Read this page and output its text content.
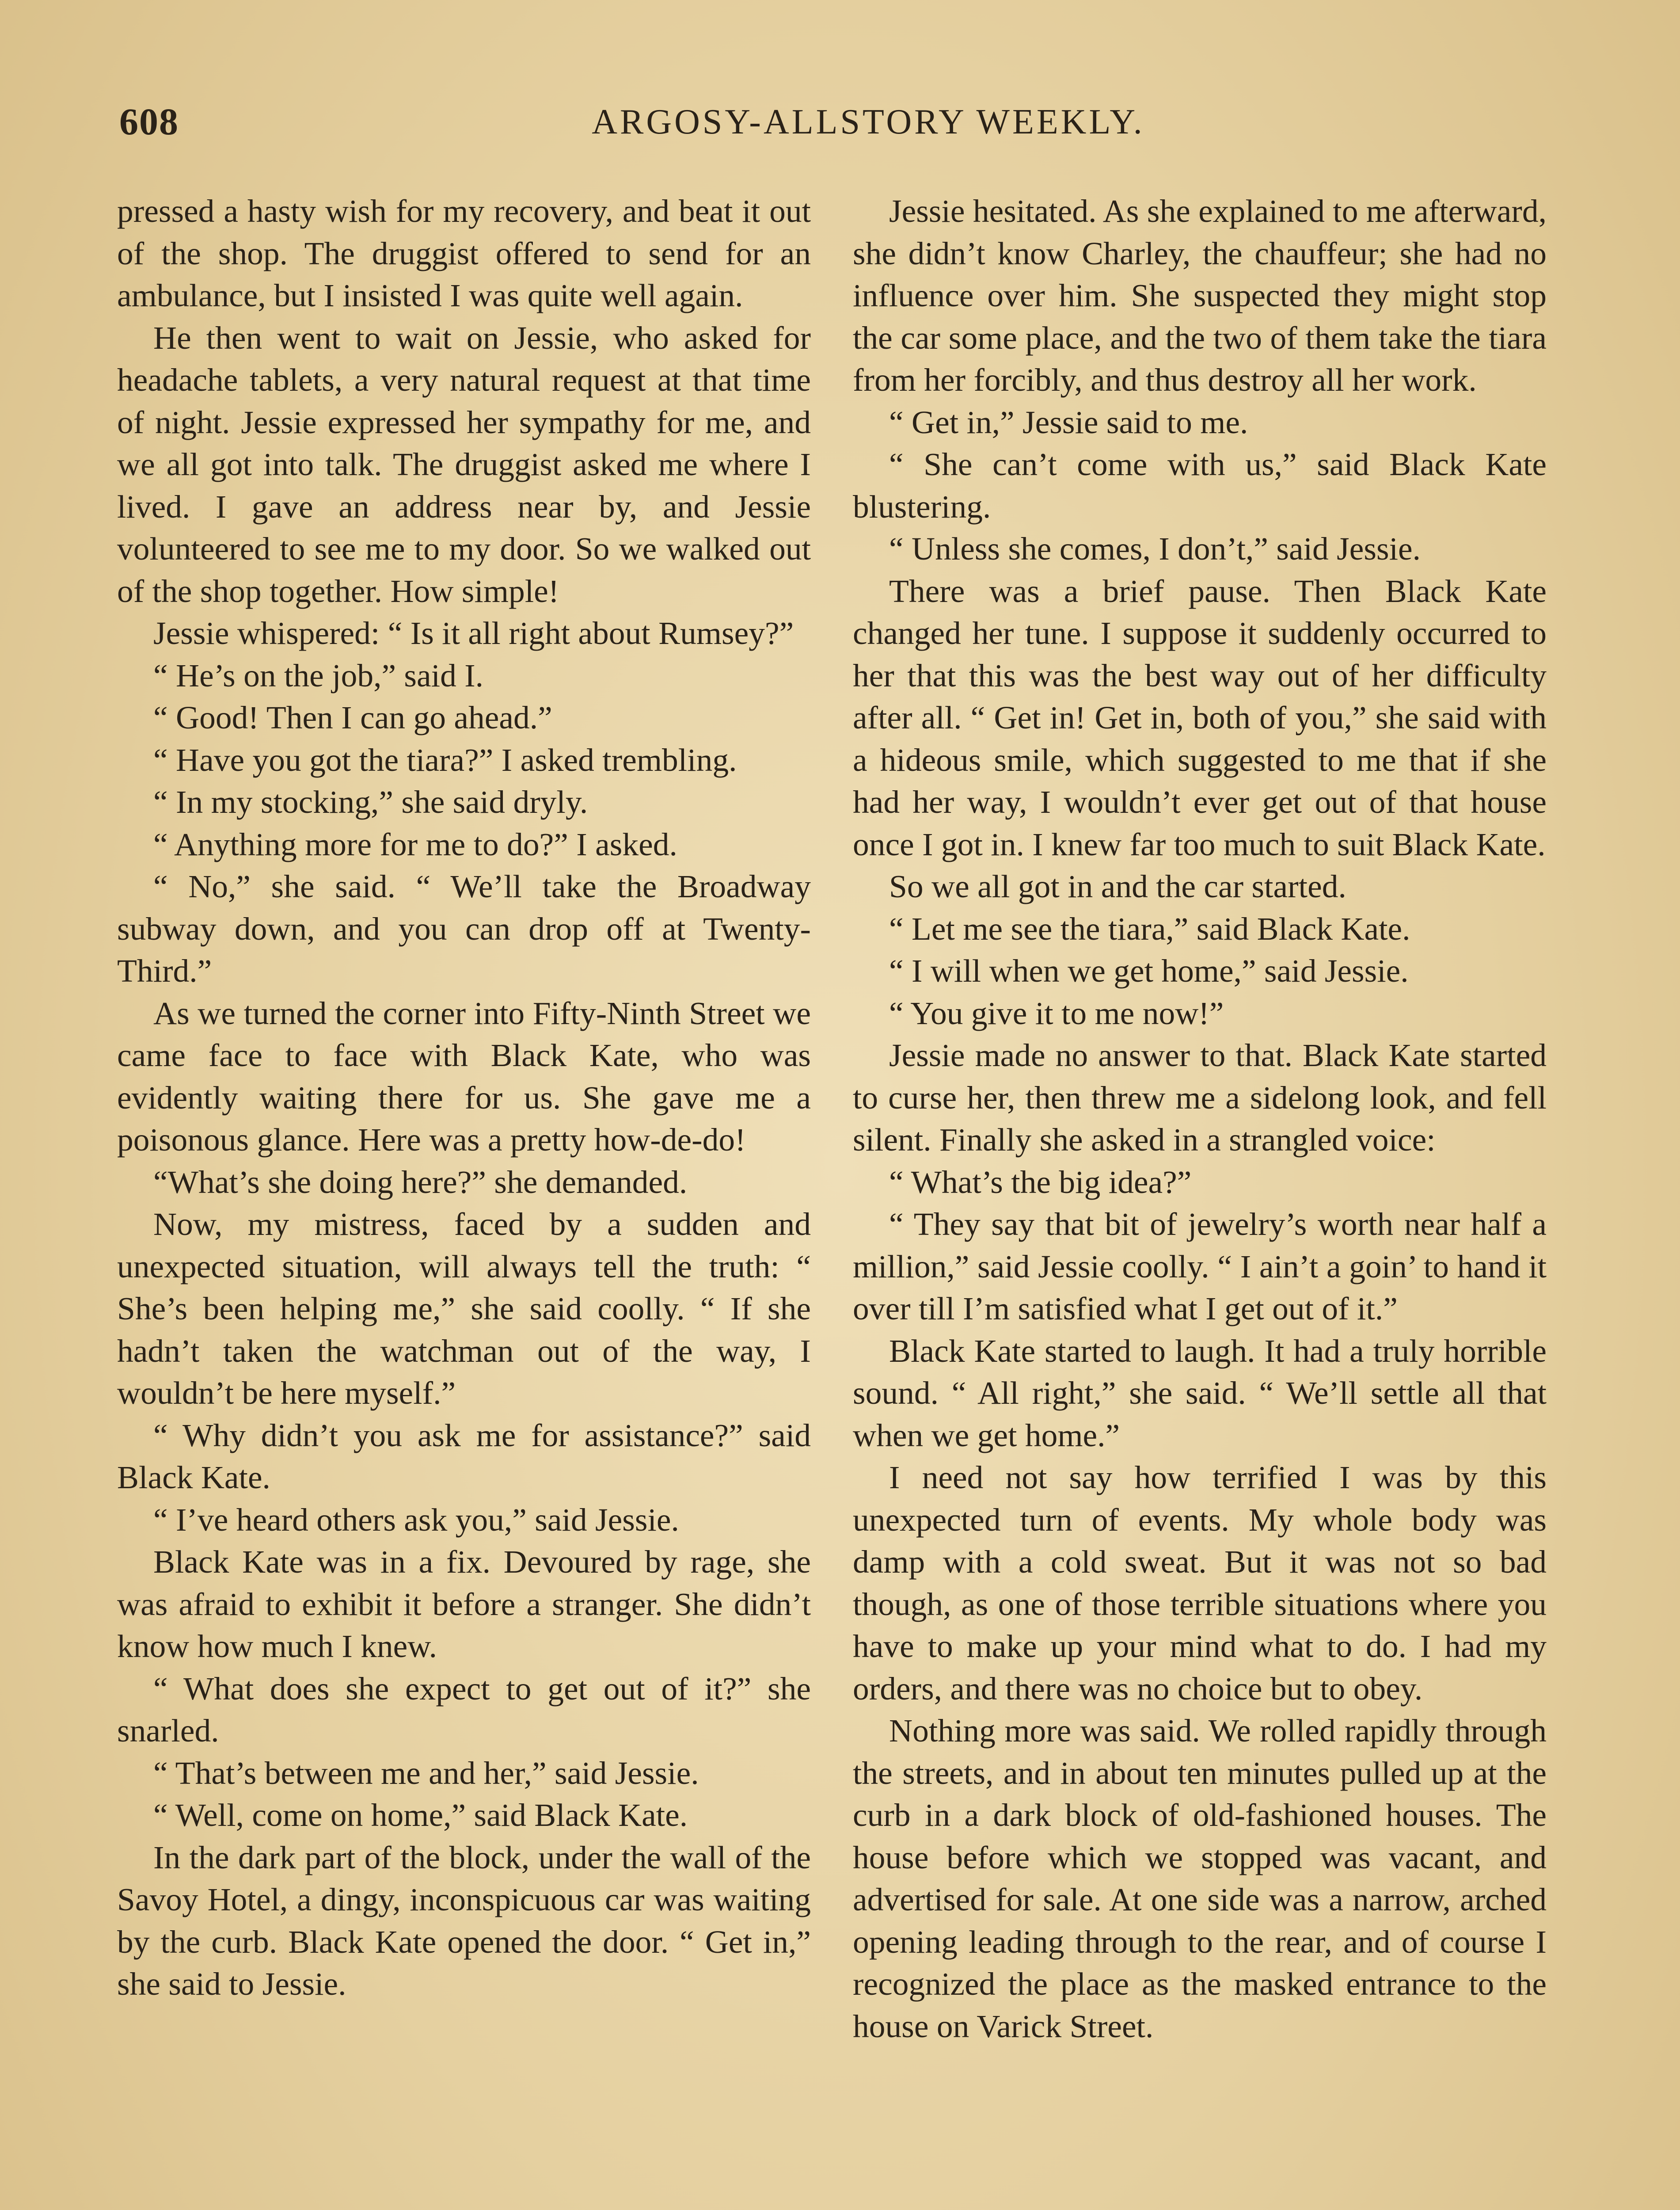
608	ARGOSY-ALLSTORY WEEKLY.

pressed a hasty wish for my recovery, and beat it out of the shop. The druggist offered to send for an ambulance, but I insisted I was quite well again.

He then went to wait on Jessie, who asked for headache tablets, a very natural request at that time of night. Jessie expressed her sympathy for me, and we all got into talk. The druggist asked me where I lived. I gave an address near by, and Jessie volunteered to see me to my door. So we walked out of the shop together. How simple!

Jessie whispered: “ Is it all right about Rumsey?”

“ He’s on the job,” said I.

“ Good! Then I can go ahead.”

“ Have you got the tiara?” I asked trembling.

“ In my stocking,” she said dryly.

“ Anything more for me to do?” I asked.

“ No,” she said. “ We’ll take the Broadway subway down, and you can drop off at Twenty-Third.”

As we turned the corner into Fifty-Ninth Street we came face to face with Black Kate, who was evidently waiting there for us. She gave me a poisonous glance. Here was a pretty how-de-do!

“What’s she doing here?” she demanded.

Now, my mistress, faced by a sudden and unexpected situation, will always tell the truth: “ She’s been helping me,” she said coolly. “ If she hadn’t taken the watchman out of the way, I wouldn’t be here myself.”

“ Why didn’t you ask me for assistance?” said Black Kate.

“ I’ve heard others ask you,” said Jessie.

Black Kate was in a fix. Devoured by rage, she was afraid to exhibit it before a stranger. She didn’t know how much I knew.

“ What does she expect to get out of it?” she snarled.

“ That’s between me and her,” said Jessie.

“ Well, come on home,” said Black Kate.

In the dark part of the block, under the wall of the Savoy Hotel, a dingy, inconspicuous car was waiting by the curb. Black Kate opened the door. “ Get in,” she said to Jessie.

Jessie hesitated. As she explained to me afterward, she didn’t know Charley, the chauffeur; she had no influence over him. She suspected they might stop the car some place, and the two of them take the tiara from her forcibly, and thus destroy all her work.

“ Get in,” Jessie said to me.

“ She can’t come with us,” said Black Kate blustering.

“ Unless she comes, I don’t,” said Jessie.

There was a brief pause. Then Black Kate changed her tune. I suppose it suddenly occurred to her that this was the best way out of her difficulty after all. “ Get in! Get in, both of you,” she said with a hideous smile, which suggested to me that if she had her way, I wouldn’t ever get out of that house once I got in. I knew far too much to suit Black Kate.

So we all got in and the car started.

“ Let me see the tiara,” said Black Kate.

“ I will when we get home,” said Jessie.

“ You give it to me now!”

Jessie made no answer to that. Black Kate started to curse her, then threw me a sidelong look, and fell silent. Finally she asked in a strangled voice:

“ What’s the big idea?”

“ They say that bit of jewelry’s worth near half a million,” said Jessie coolly. “ I ain’t a goin’ to hand it over till I’m satisfied what I get out of it.”

Black Kate started to laugh. It had a truly horrible sound. “ All right,” she said. “ We’ll settle all that when we get home.”

I need not say how terrified I was by this unexpected turn of events. My whole body was damp with a cold sweat. But it was not so bad though, as one of those terrible situations where you have to make up your mind what to do. I had my orders, and there was no choice but to obey.

Nothing more was said. We rolled rapidly through the streets, and in about ten minutes pulled up at the curb in a dark block of old-fashioned houses. The house before which we stopped was vacant, and advertised for sale. At one side was a narrow, arched opening leading through to the rear, and of course I recognized the place as the masked entrance to the house on Varick Street.
